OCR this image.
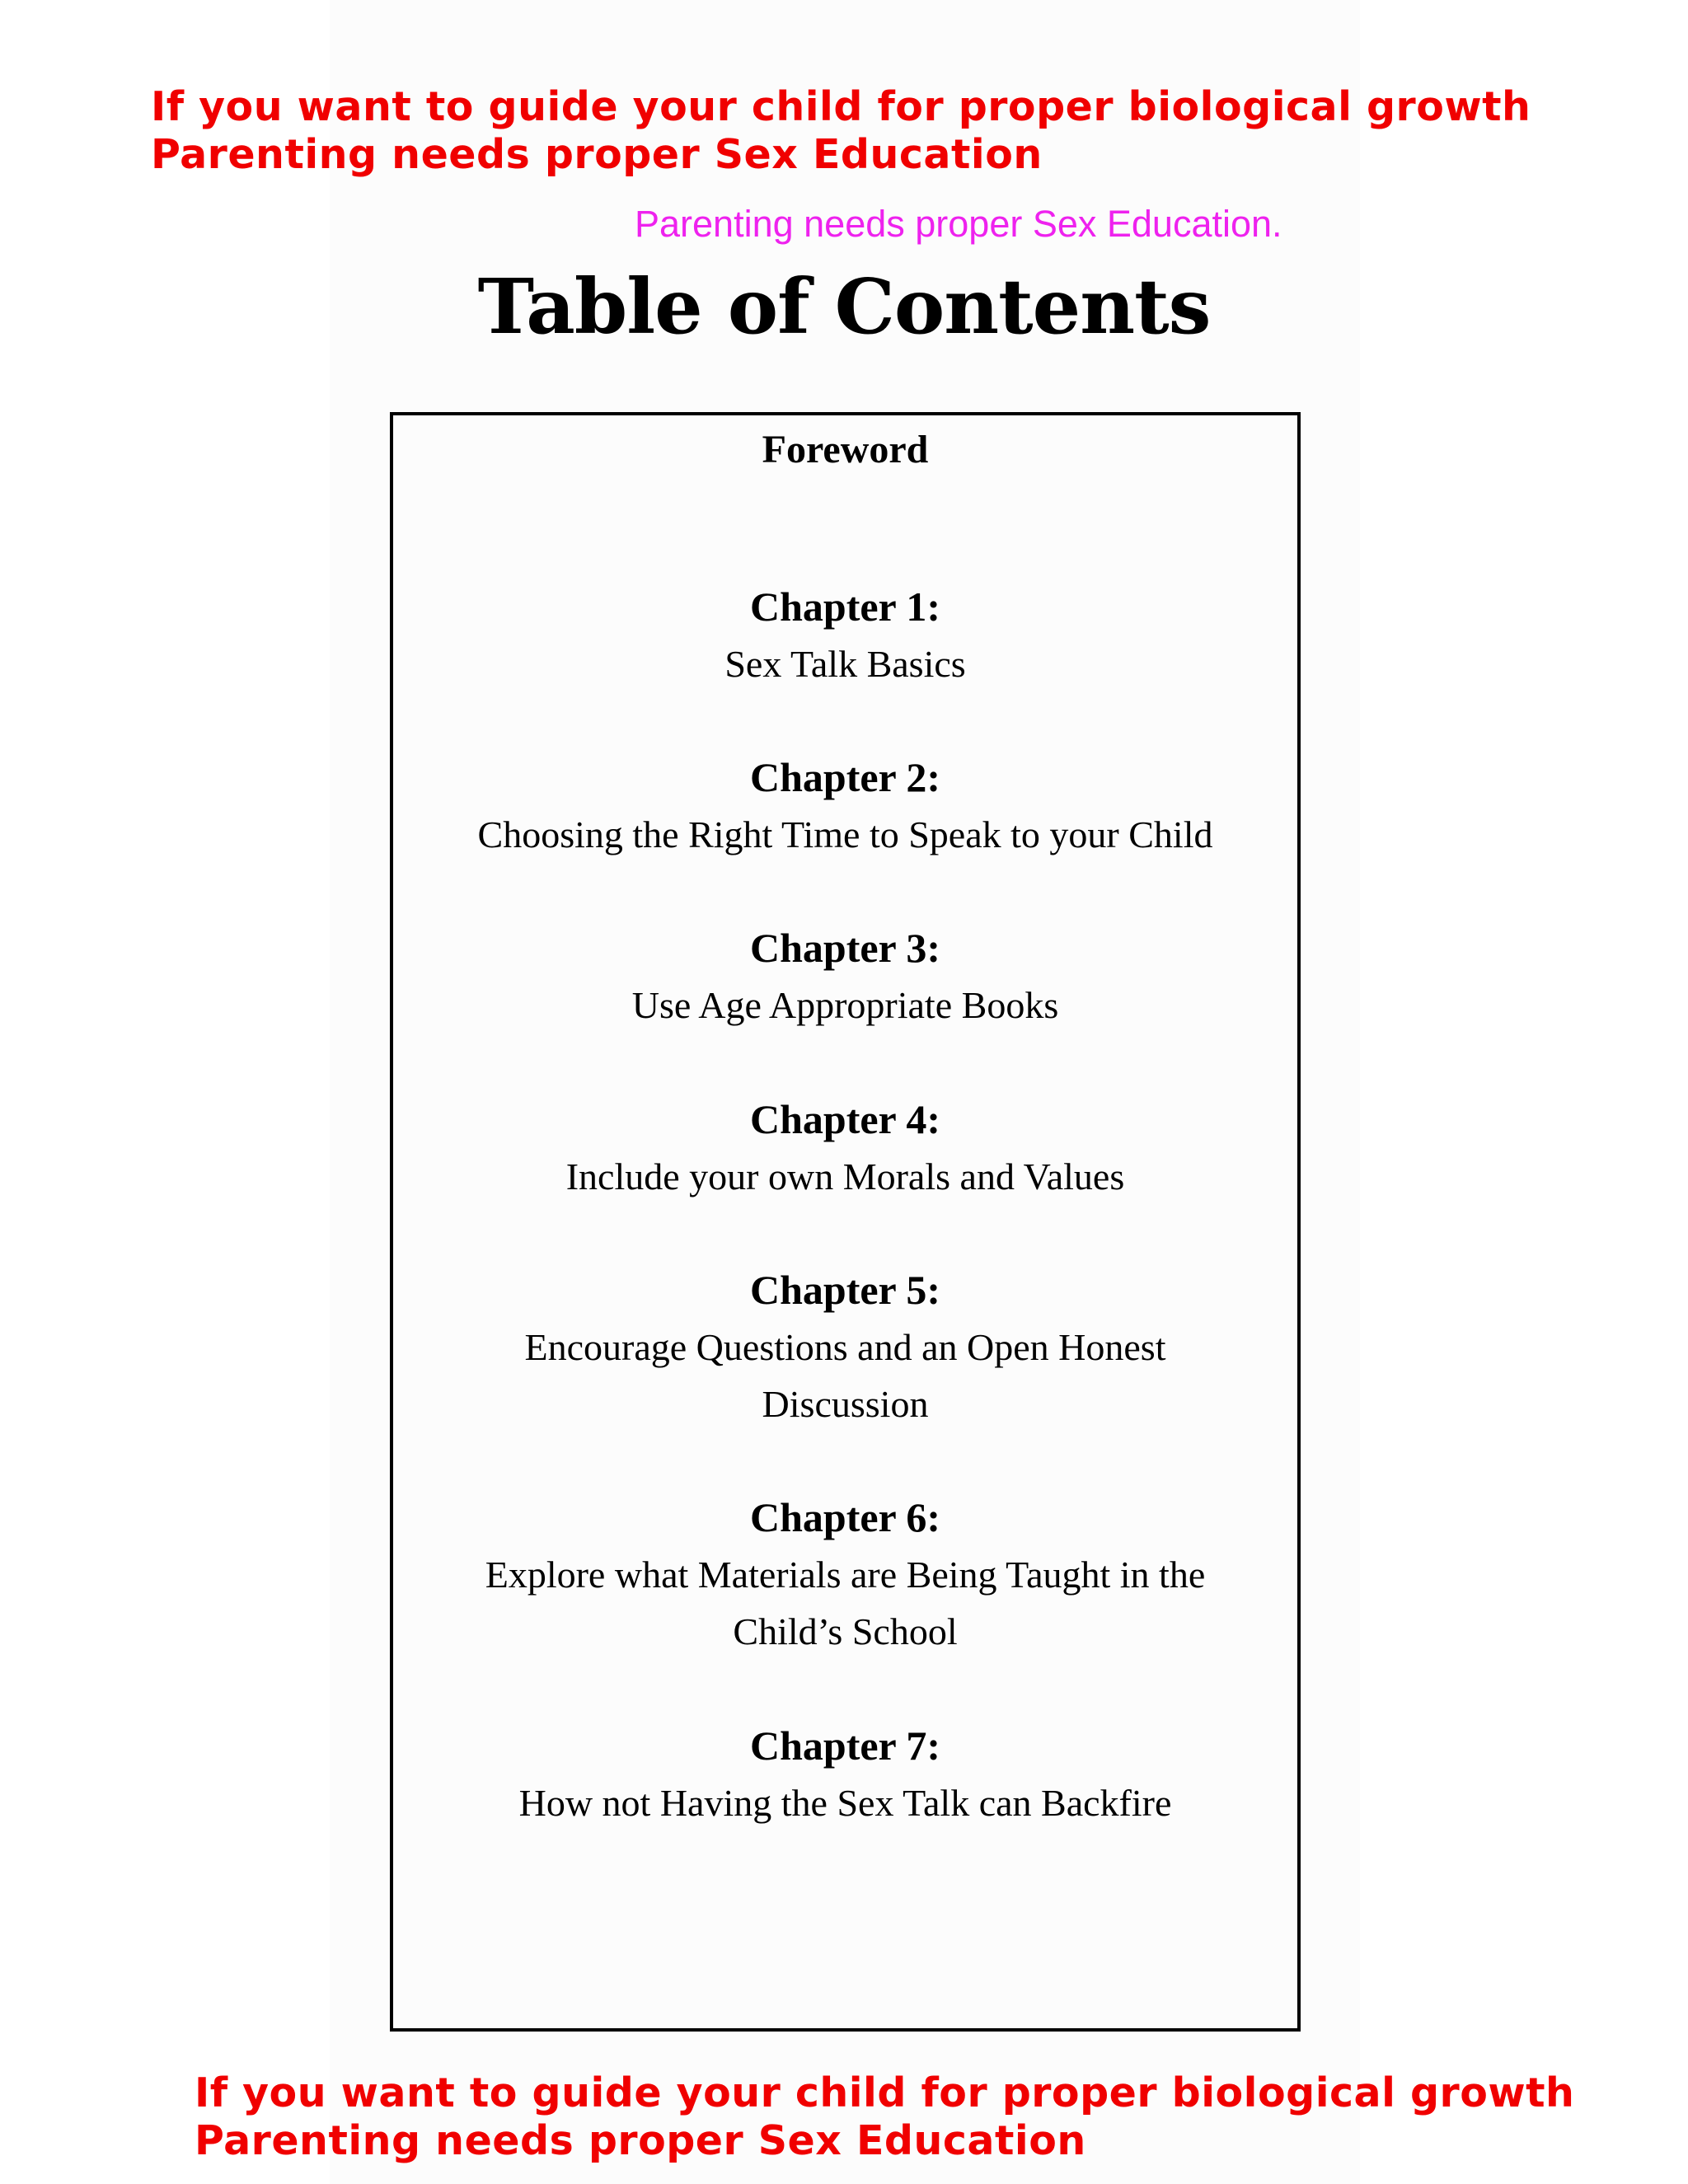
If you want to guide your child for proper biological growth
Parenting needs proper Sex Education
Parenting needs proper Sex Education.
Table of Contents
Foreword
Chapter 1:
Sex Talk Basics
Chapter 2:
Choosing the Right Time to Speak to your Child
Chapter 3:
Use Age Appropriate Books
Chapter 4:
Include your own Morals and Values
Chapter 5:
Encourage Questions and an Open Honest
Discussion
Chapter 6:
Explore what Materials are Being Taught in the
Child’s School
Chapter 7:
How not Having the Sex Talk can Backfire
If you want to guide your child for proper biological growth
Parenting needs proper Sex Education
